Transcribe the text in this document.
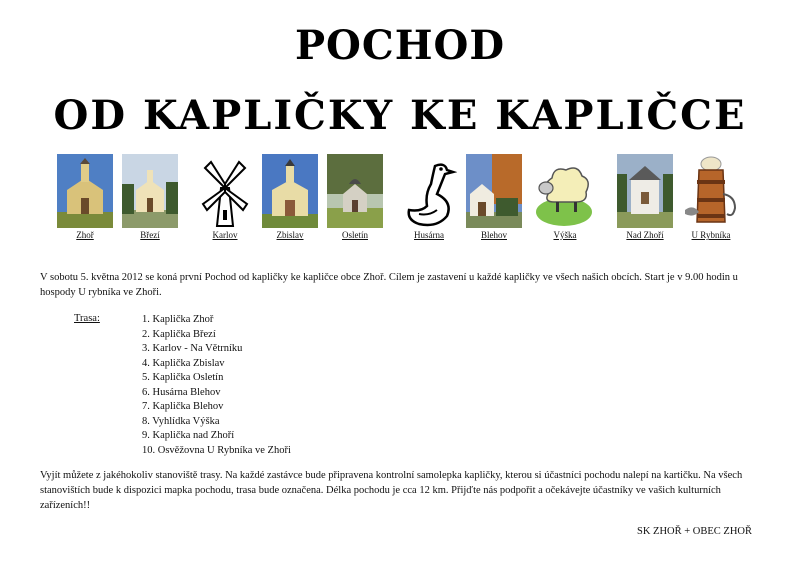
POCHOD
OD KAPLIČKY KE KAPLIČCE
Zhoř	Březí	Karlov	Zbislav	Osletín	Husárna	Blehov	Výška	Nad Zhoří	U Rybníka
V sobotu 5. května 2012 se koná první Pochod od kapličky ke kapličce obce Zhoř. Cílem je zastavení u každé kapličky ve všech našich obcích. Start je v 9.00 hodin u hospody U rybníka ve Zhoři.
Trasa:	1. Kaplička Zhoř
2. Kaplička Březí
3. Karlov - Na Větrníku
4. Kaplička Zbislav
5. Kaplička Osletín
6. Husárna Blehov
7. Kaplička Blehov
8. Vyhlídka Výška
9. Kaplička nad Zhoří
10. Osvěžovna U Rybníka ve Zhoři
Vyjít můžete z jakéhokoliv stanoviště trasy. Na každé zastávce bude připravena kontrolní samolepka kapličky, kterou si účastníci pochodu nalepí na kartičku. Na všech stanovištích bude k dispozici mapka pochodu, trasa bude označena. Délka pochodu je cca 12 km. Přijďte nás podpořit a očekávejte účastníky ve vašich kulturních zařízeních!!
SK ZHOŘ + OBEC ZHOŘ
